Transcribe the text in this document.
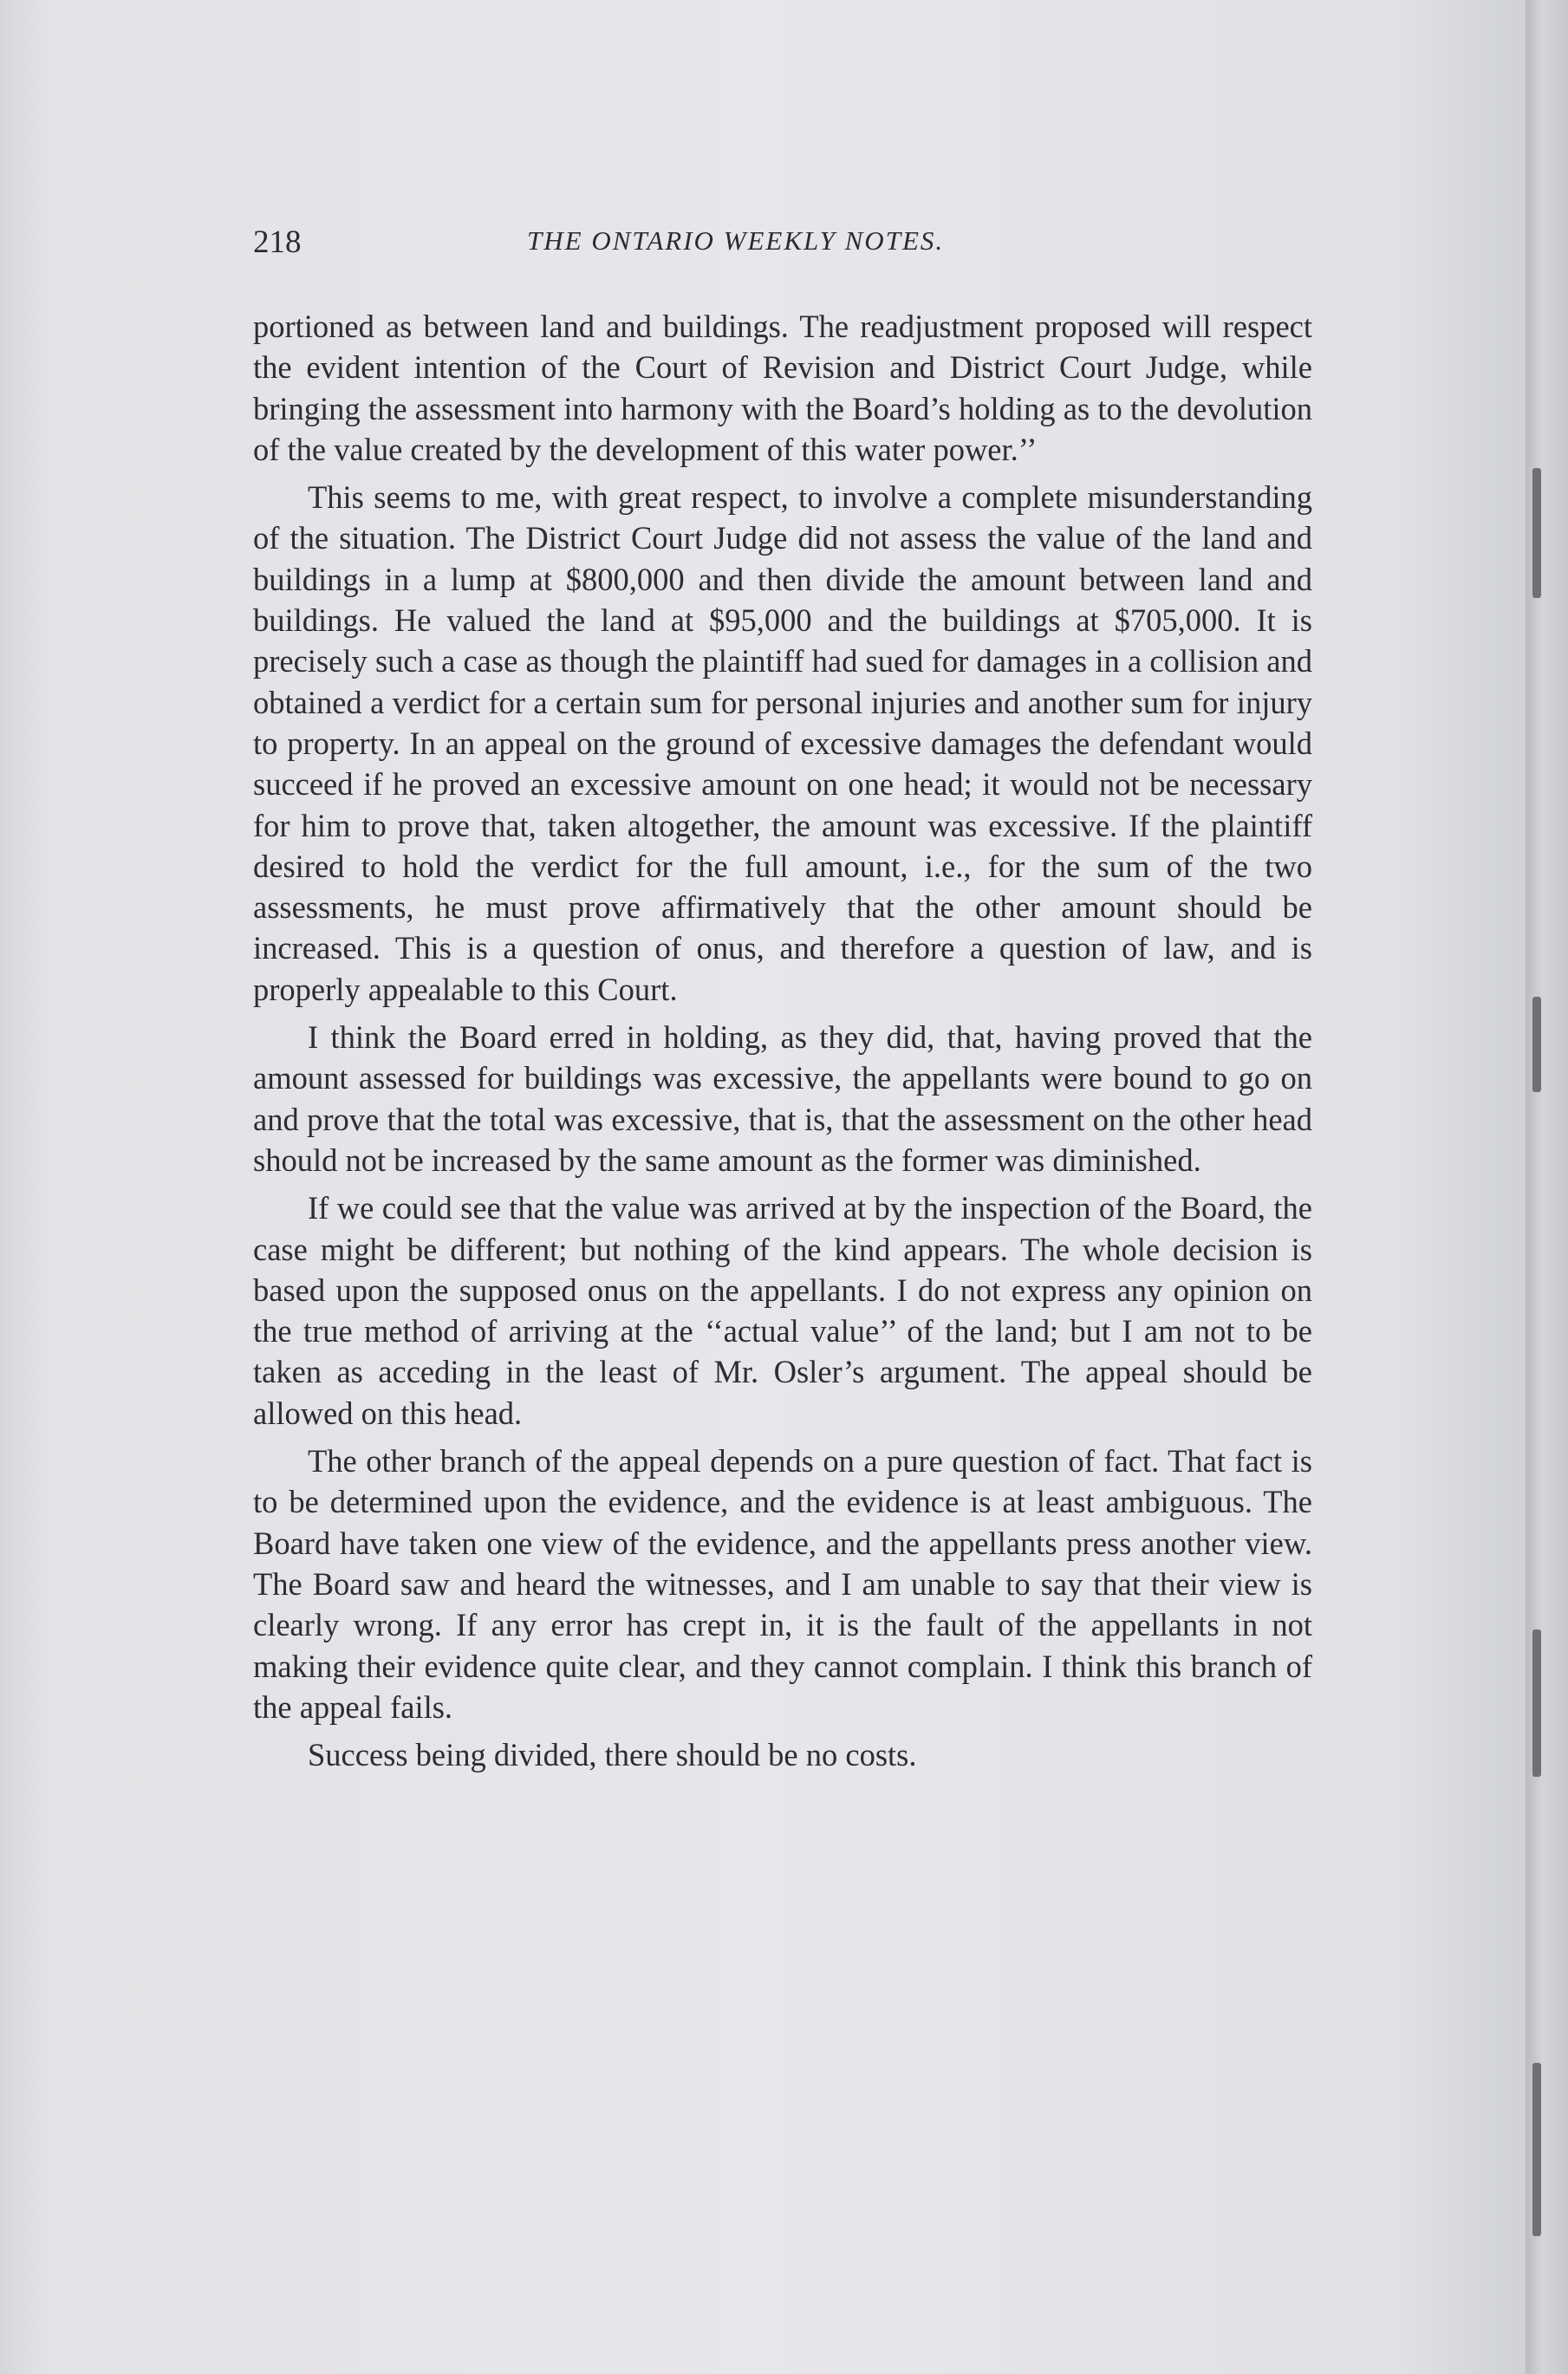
218	THE ONTARIO WEEKLY NOTES.

portioned as between land and buildings. The readjustment proposed will respect the evident intention of the Court of Revision and District Court Judge, while bringing the assessment into harmony with the Board’s holding as to the devolution of the value created by the development of this water power.’’

This seems to me, with great respect, to involve a complete misunderstanding of the situation. The District Court Judge did not assess the value of the land and buildings in a lump at $800,000 and then divide the amount between land and buildings. He valued the land at $95,000 and the buildings at $705,000. It is precisely such a case as though the plaintiff had sued for damages in a collision and obtained a verdict for a certain sum for personal injuries and another sum for injury to property. In an appeal on the ground of excessive damages the defendant would succeed if he proved an excessive amount on one head; it would not be necessary for him to prove that, taken altogether, the amount was excessive. If the plaintiff desired to hold the verdict for the full amount, i.e., for the sum of the two assessments, he must prove affirmatively that the other amount should be increased. This is a question of onus, and therefore a question of law, and is properly appealable to this Court.

I think the Board erred in holding, as they did, that, having proved that the amount assessed for buildings was excessive, the appellants were bound to go on and prove that the total was excessive, that is, that the assessment on the other head should not be increased by the same amount as the former was diminished.

If we could see that the value was arrived at by the inspection of the Board, the case might be different; but nothing of the kind appears. The whole decision is based upon the supposed onus on the appellants. I do not express any opinion on the true method of arriving at the ‘‘actual value’’ of the land; but I am not to be taken as acceding in the least of Mr. Osler’s argument. The appeal should be allowed on this head.

The other branch of the appeal depends on a pure question of fact. That fact is to be determined upon the evidence, and the evidence is at least ambiguous. The Board have taken one view of the evidence, and the appellants press another view. The Board saw and heard the witnesses, and I am unable to say that their view is clearly wrong. If any error has crept in, it is the fault of the appellants in not making their evidence quite clear, and they cannot complain. I think this branch of the appeal fails.

Success being divided, there should be no costs.
